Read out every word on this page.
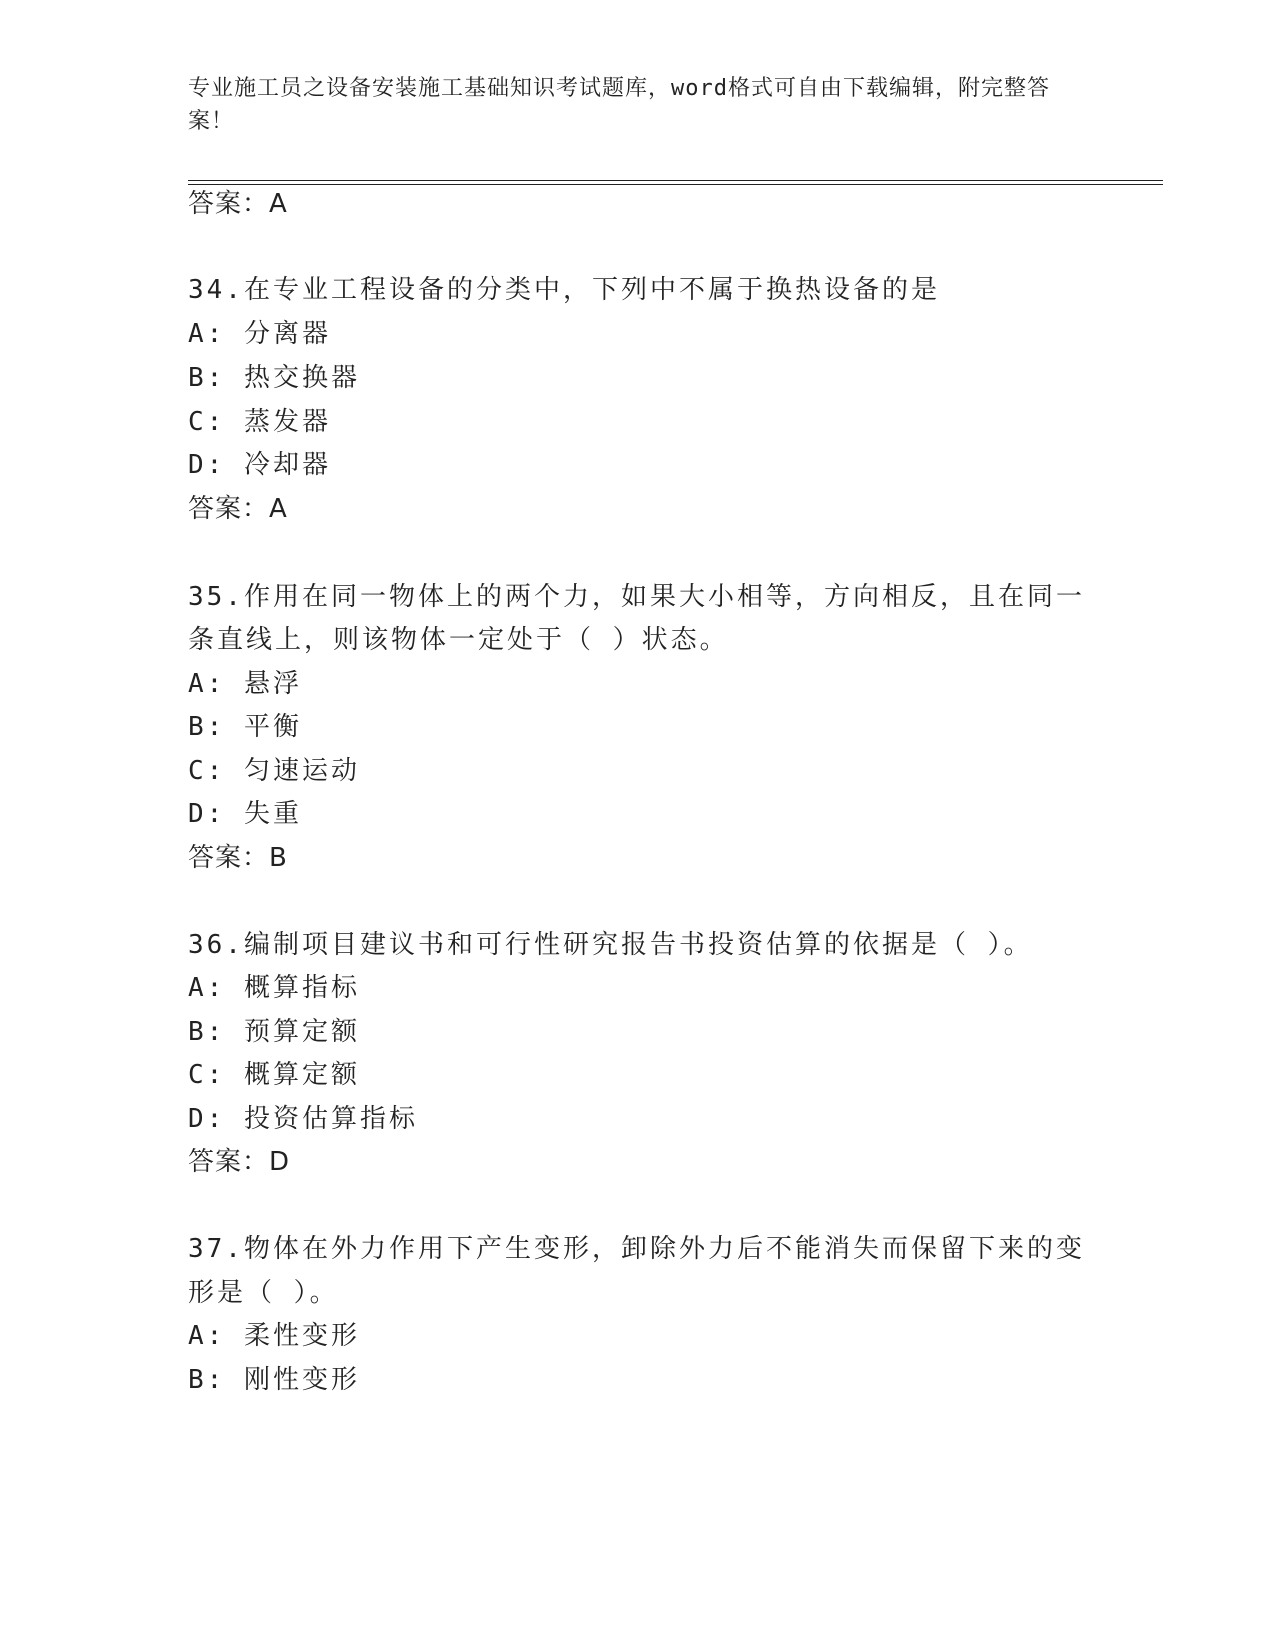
专业施工员之设备安装施工基础知识考试题库，word格式可自由下载编辑，附完整答案！
答案：A
34.在专业工程设备的分类中，下列中不属于换热设备的是
A: 分离器
B: 热交换器
C: 蒸发器
D: 冷却器
答案：A
35.作用在同一物体上的两个力，如果大小相等，方向相反，且在同一
条直线上，则该物体一定处于（ ）状态。
A: 悬浮
B: 平衡
C: 匀速运动
D: 失重
答案：B
36.编制项目建议书和可行性研究报告书投资估算的依据是（ ）。
A: 概算指标
B: 预算定额
C: 概算定额
D: 投资估算指标
答案：D
37.物体在外力作用下产生变形，卸除外力后不能消失而保留下来的变
形是（ ）。
A: 柔性变形
B: 刚性变形
